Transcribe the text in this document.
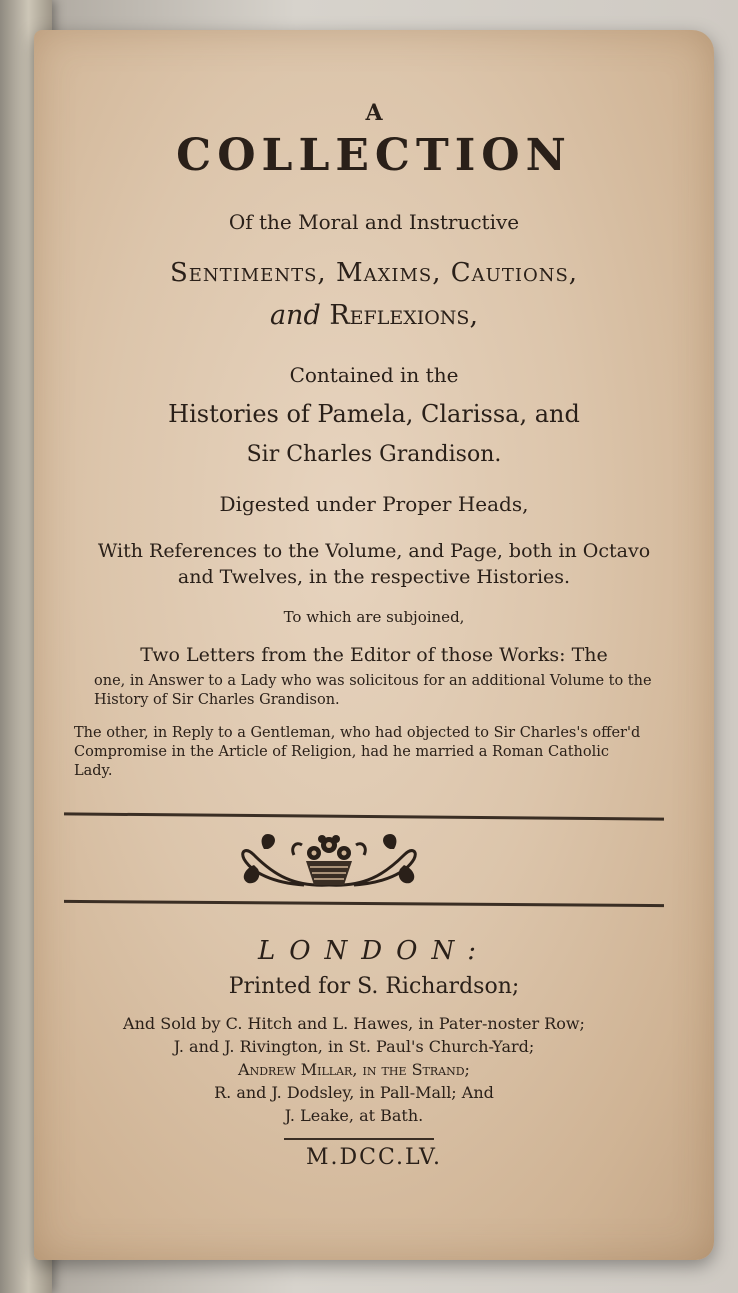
A
COLLECTION
Of the Moral and Instructive
Sentiments, Maxims, Cautions,
and Reflexions,
Contained in the
Histories of Pamela, Clarissa, and
Sir Charles Grandison.
Digested under Proper Heads,
With References to the Volume, and Page, both in Octavo and Twelves, in the respective Histories.
To which are subjoined,
Two Letters from the Editor of those Works: The
one, in Answer to a Lady who was solicitous for an additional Volume to the History of Sir Charles Grandison.
The other, in Reply to a Gentleman, who had objected to Sir Charles's offer'd Compromise in the Article of Religion, had he married a Roman Catholic Lady.
LONDON:
Printed for S. Richardson;
And Sold by C. Hitch and L. Hawes, in Pater-noster Row;
J. and J. Rivington, in St. Paul's Church-Yard;
Andrew Millar, in the Strand;
R. and J. Dodsley, in Pall-Mall; And
J. Leake, at Bath.
M.DCC.LV.
